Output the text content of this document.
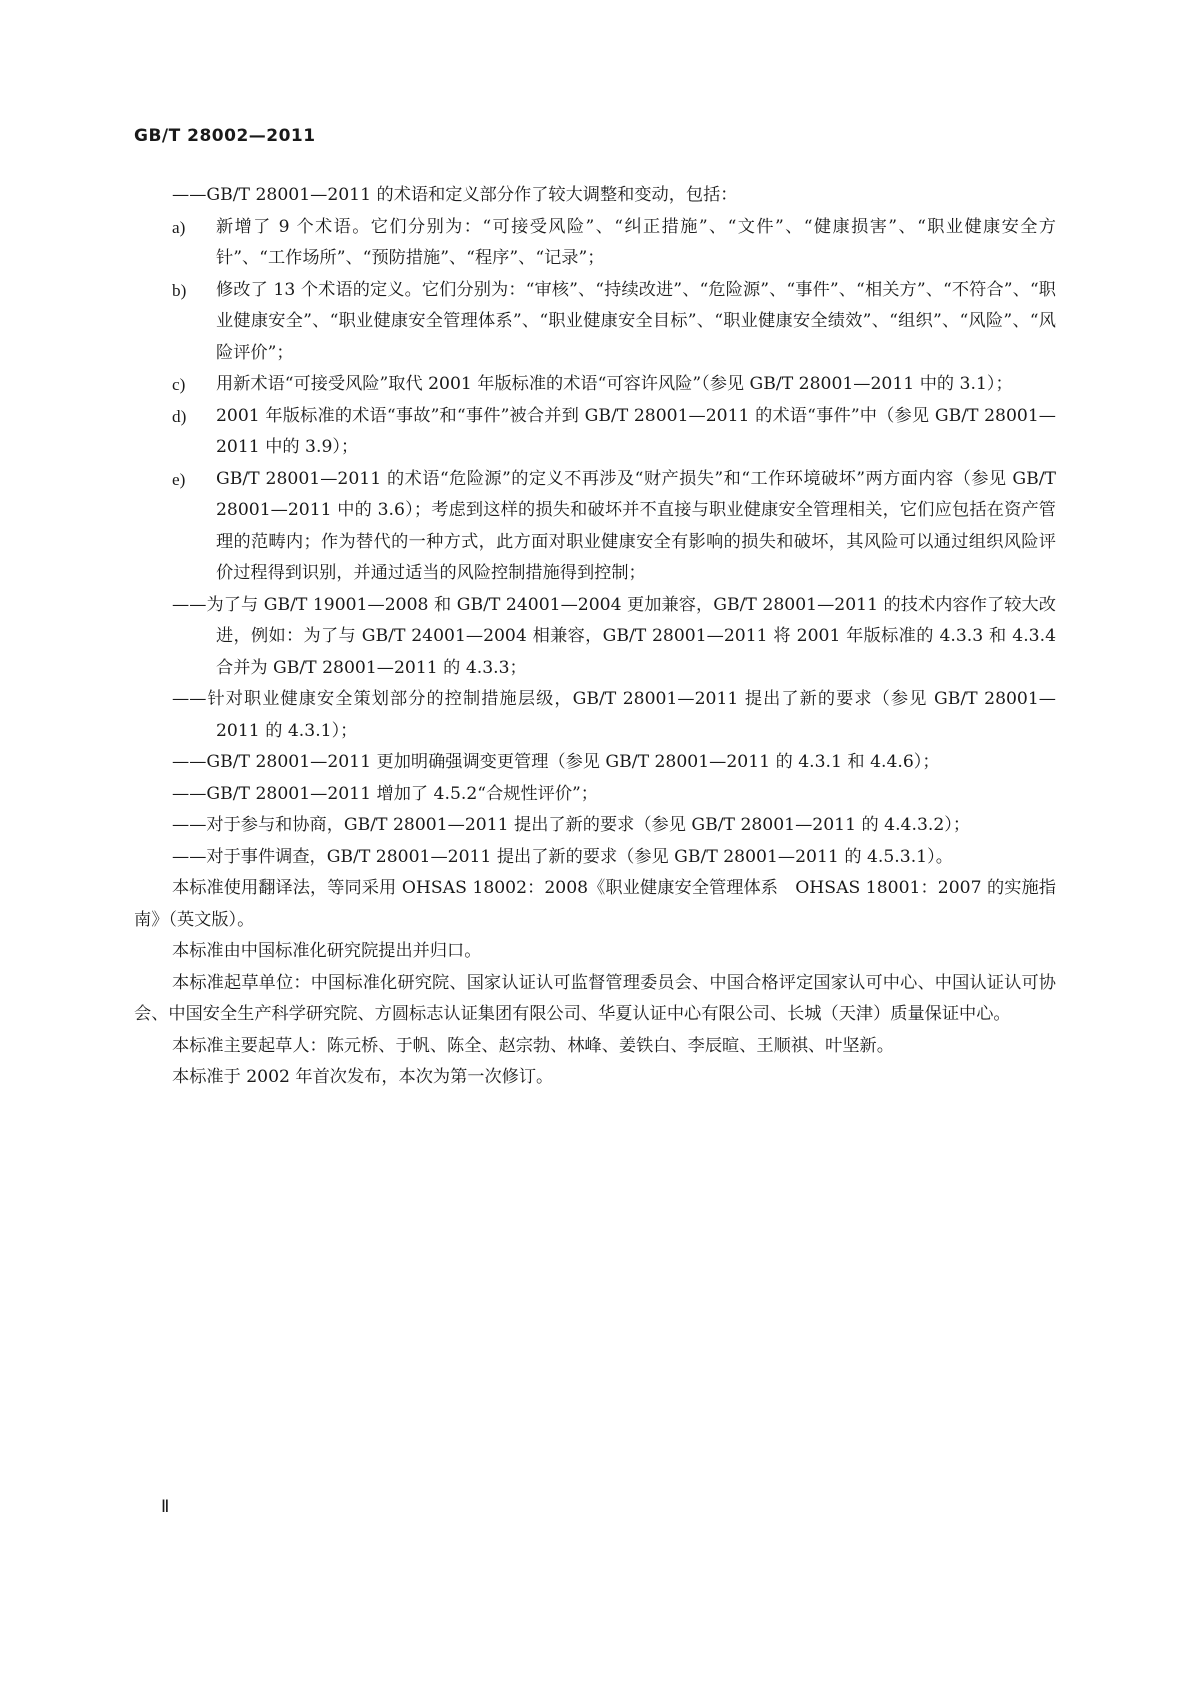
GB/T 28002—2011

——GB/T 28001—2011 的术语和定义部分作了较大调整和变动，包括：

a) 新增了 9 个术语。它们分别为：“可接受风险”、“纠正措施”、“文件”、“健康损害”、“职业健康安全方针”、“工作场所”、“预防措施”、“程序”、“记录”；
b) 修改了 13 个术语的定义。它们分别为：“审核”、“持续改进”、“危险源”、“事件”、“相关方”、“不符合”、“职业健康安全”、“职业健康安全管理体系”、“职业健康安全目标”、“职业健康安全绩效”、“组织”、“风险”、“风险评价”；
c) 用新术语“可接受风险”取代 2001 年版标准的术语“可容许风险”（参见 GB/T 28001—2011 中的 3.1）；
d) 2001 年版标准的术语“事故”和“事件”被合并到 GB/T 28001—2011 的术语“事件”中（参见 GB/T 28001—2011 中的 3.9）；
e) GB/T 28001—2011 的术语“危险源”的定义不再涉及“财产损失”和“工作环境破坏”两方面内容（参见 GB/T 28001—2011 中的 3.6）；考虑到这样的损失和破坏并不直接与职业健康安全管理相关，它们应包括在资产管理的范畴内；作为替代的一种方式，此方面对职业健康安全有影响的损失和破坏，其风险可以通过组织风险评价过程得到识别，并通过适当的风险控制措施得到控制；

——为了与 GB/T 19001—2008 和 GB/T 24001—2004 更加兼容，GB/T 28001—2011 的技术内容作了较大改进，例如：为了与 GB/T 24001—2004 相兼容，GB/T 28001—2011 将 2001 年版标准的 4.3.3 和 4.3.4 合并为 GB/T 28001—2011 的 4.3.3；

——针对职业健康安全策划部分的控制措施层级，GB/T 28001—2011 提出了新的要求（参见 GB/T 28001—2011 的 4.3.1）；

——GB/T 28001—2011 更加明确强调变更管理（参见 GB/T 28001—2011 的 4.3.1 和 4.4.6）；

——GB/T 28001—2011 增加了 4.5.2“合规性评价”；

——对于参与和协商，GB/T 28001—2011 提出了新的要求（参见 GB/T 28001—2011 的 4.4.3.2）；

——对于事件调查，GB/T 28001—2011 提出了新的要求（参见 GB/T 28001—2011 的 4.5.3.1）。

本标准使用翻译法，等同采用 OHSAS 18002：2008《职业健康安全管理体系　OHSAS 18001：2007 的实施指南》（英文版）。

本标准由中国标准化研究院提出并归口。

本标准起草单位：中国标准化研究院、国家认证认可监督管理委员会、中国合格评定国家认可中心、中国认证认可协会、中国安全生产科学研究院、方圆标志认证集团有限公司、华夏认证中心有限公司、长城（天津）质量保证中心。

本标准主要起草人：陈元桥、于帆、陈全、赵宗勃、林峰、姜铁白、李辰暄、王顺祺、叶坚新。

本标准于 2002 年首次发布，本次为第一次修订。

Ⅱ
